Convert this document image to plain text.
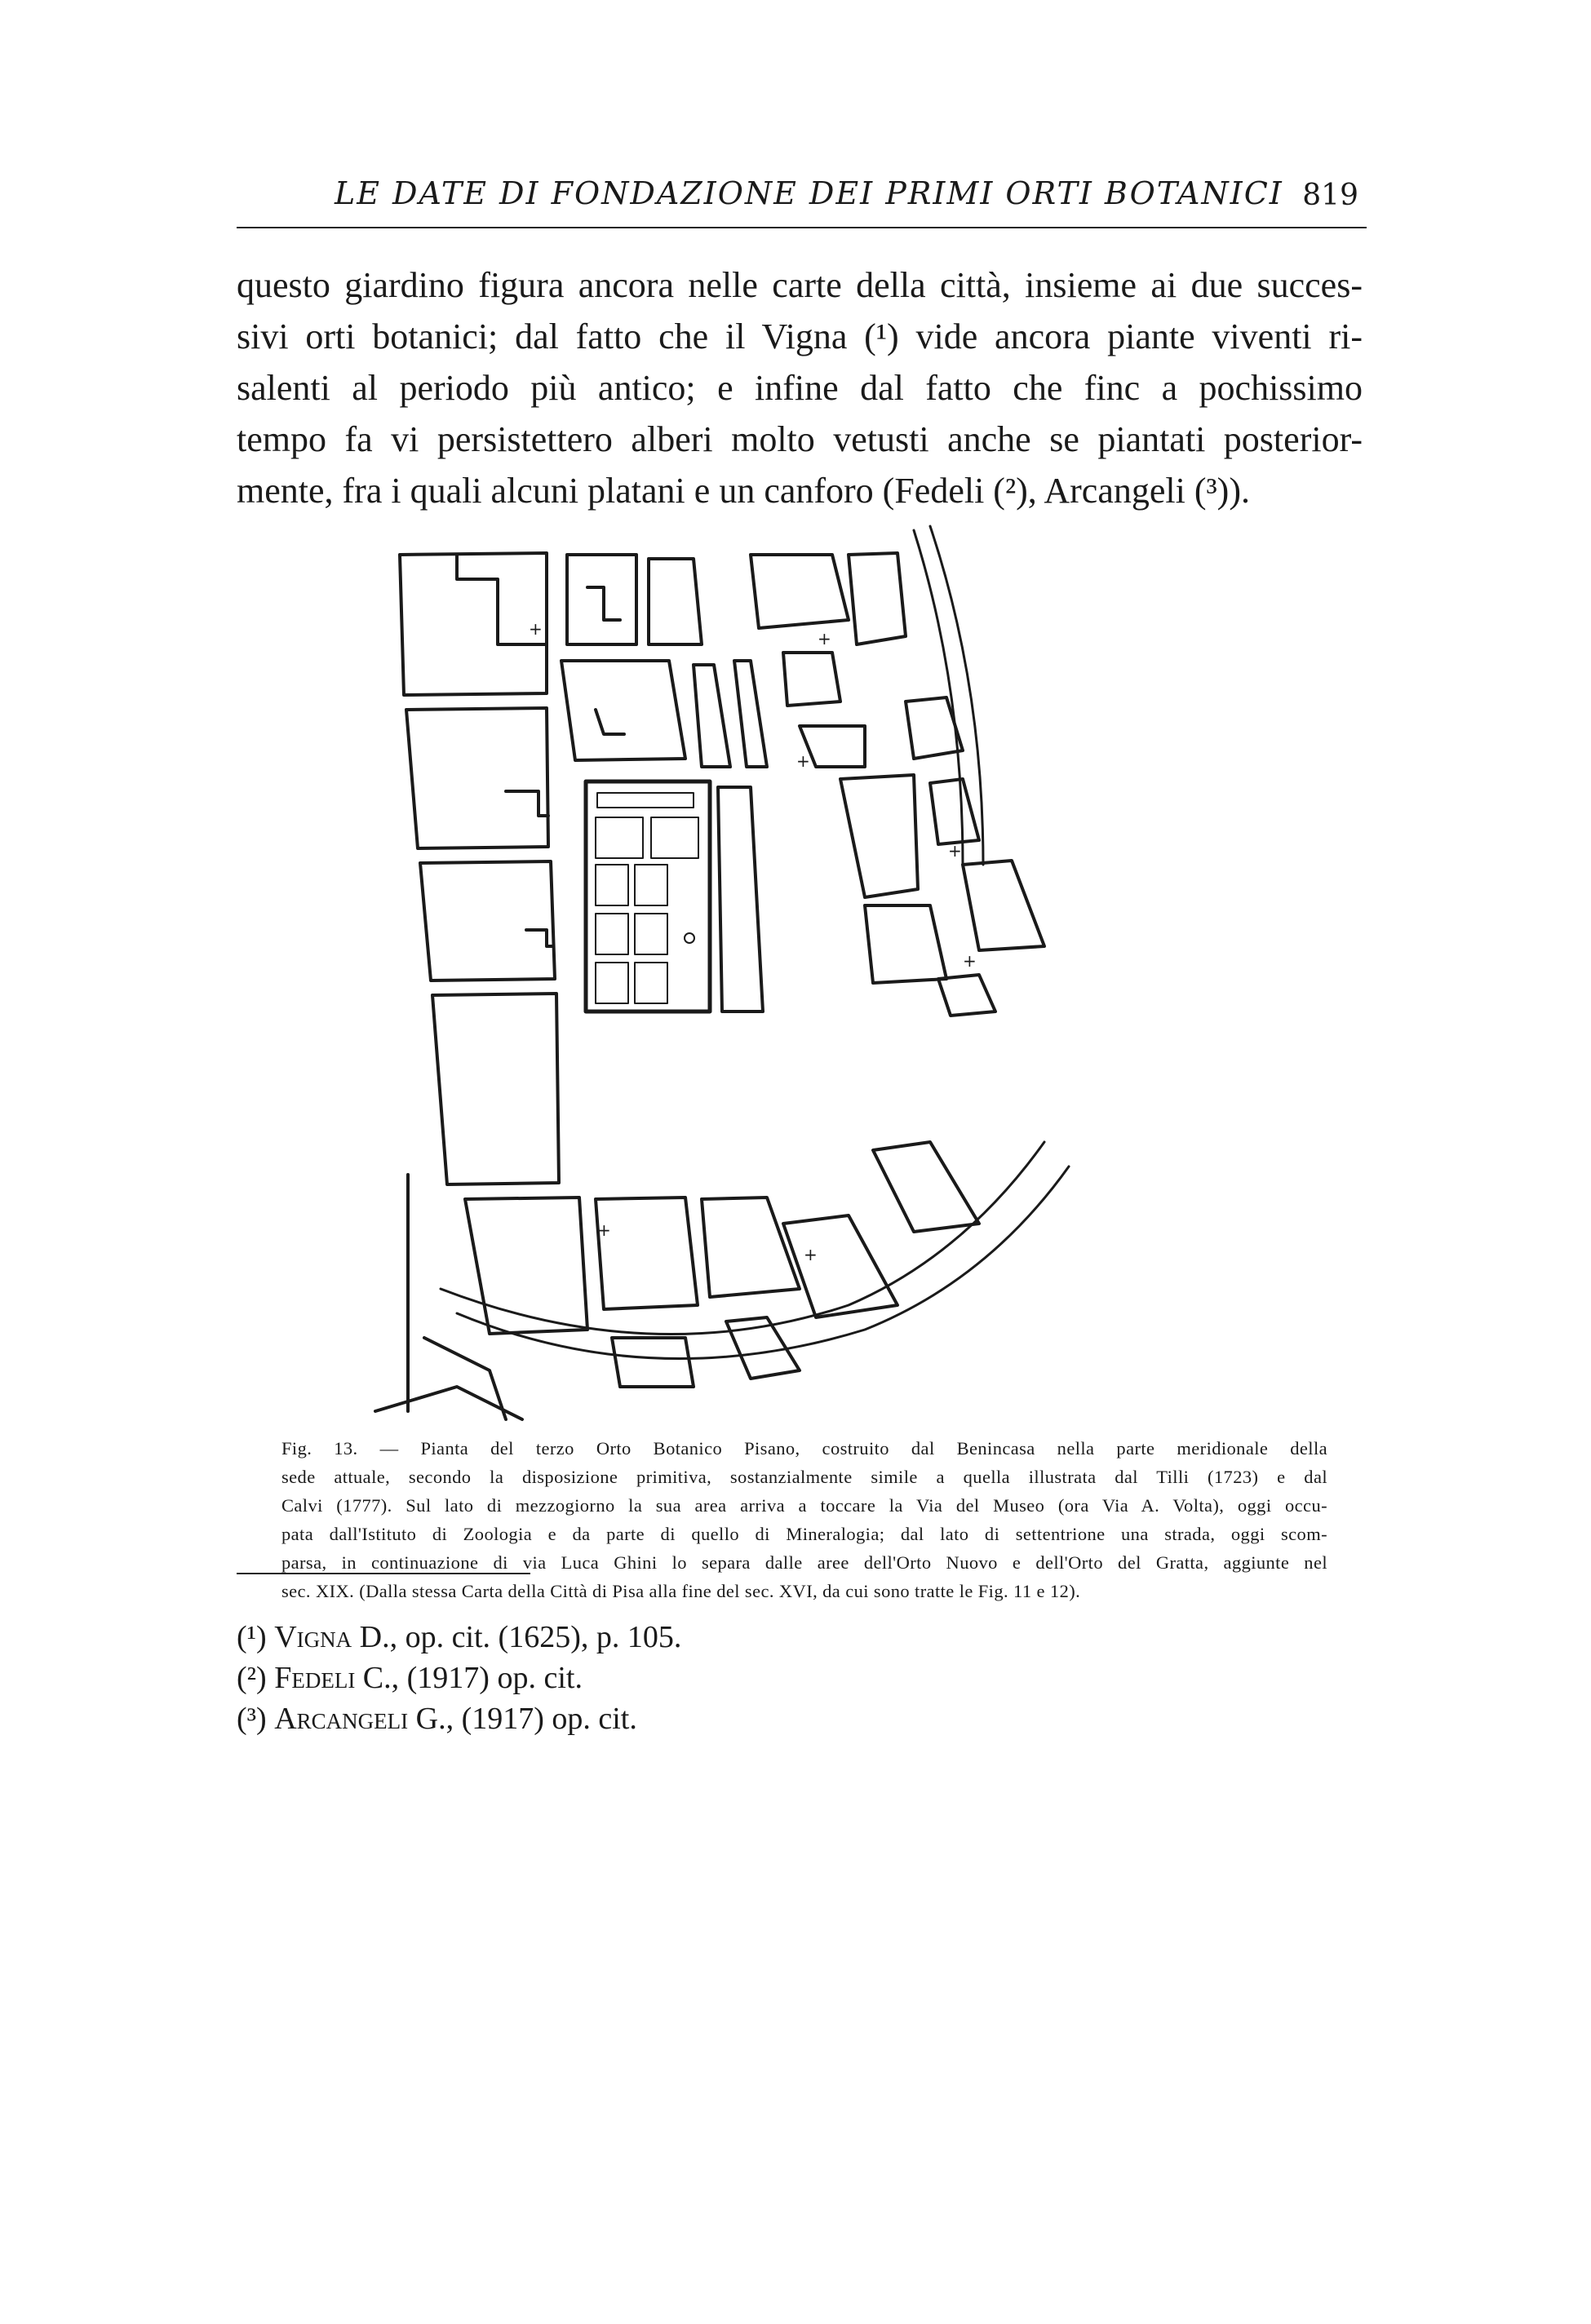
LE DATE DI FONDAZIONE DEI PRIMI ORTI BOTANICI 819
questo giardino figura ancora nelle carte della città, insieme ai due succes-
sivi orti botanici; dal fatto che il Vigna (¹) vide ancora piante viventi ri-
salenti al periodo più antico; e infine dal fatto che finc a pochissimo
tempo fa vi persistettero alberi molto vetusti anche se piantati posterior-
mente, fra i quali alcuni platani e un canforo (Fedeli (²), Arcangeli (³)).
+	+
+
+
+
+
+
Fig. 13. — Pianta del terzo Orto Botanico Pisano, costruito dal Benincasa nella parte meridionale della
sede attuale, secondo la disposizione primitiva, sostanzialmente simile a quella illustrata dal Tilli (1723) e dal
Calvi (1777). Sul lato di mezzogiorno la sua area arriva a toccare la Via del Museo (ora Via A. Volta), oggi occu-
pata dall'Istituto di Zoologia e da parte di quello di Mineralogia; dal lato di settentrione una strada, oggi scom-
parsa, in continuazione di via Luca Ghini lo separa dalle aree dell'Orto Nuovo e dell'Orto del Gratta, aggiunte nel
sec. XIX. (Dalla stessa Carta della Città di Pisa alla fine del sec. XVI, da cui sono tratte le Fig. 11 e 12).
(¹) Vigna D., op. cit. (1625), p. 105.
(²) Fedeli C., (1917) op. cit.
(³) Arcangeli G., (1917) op. cit.
